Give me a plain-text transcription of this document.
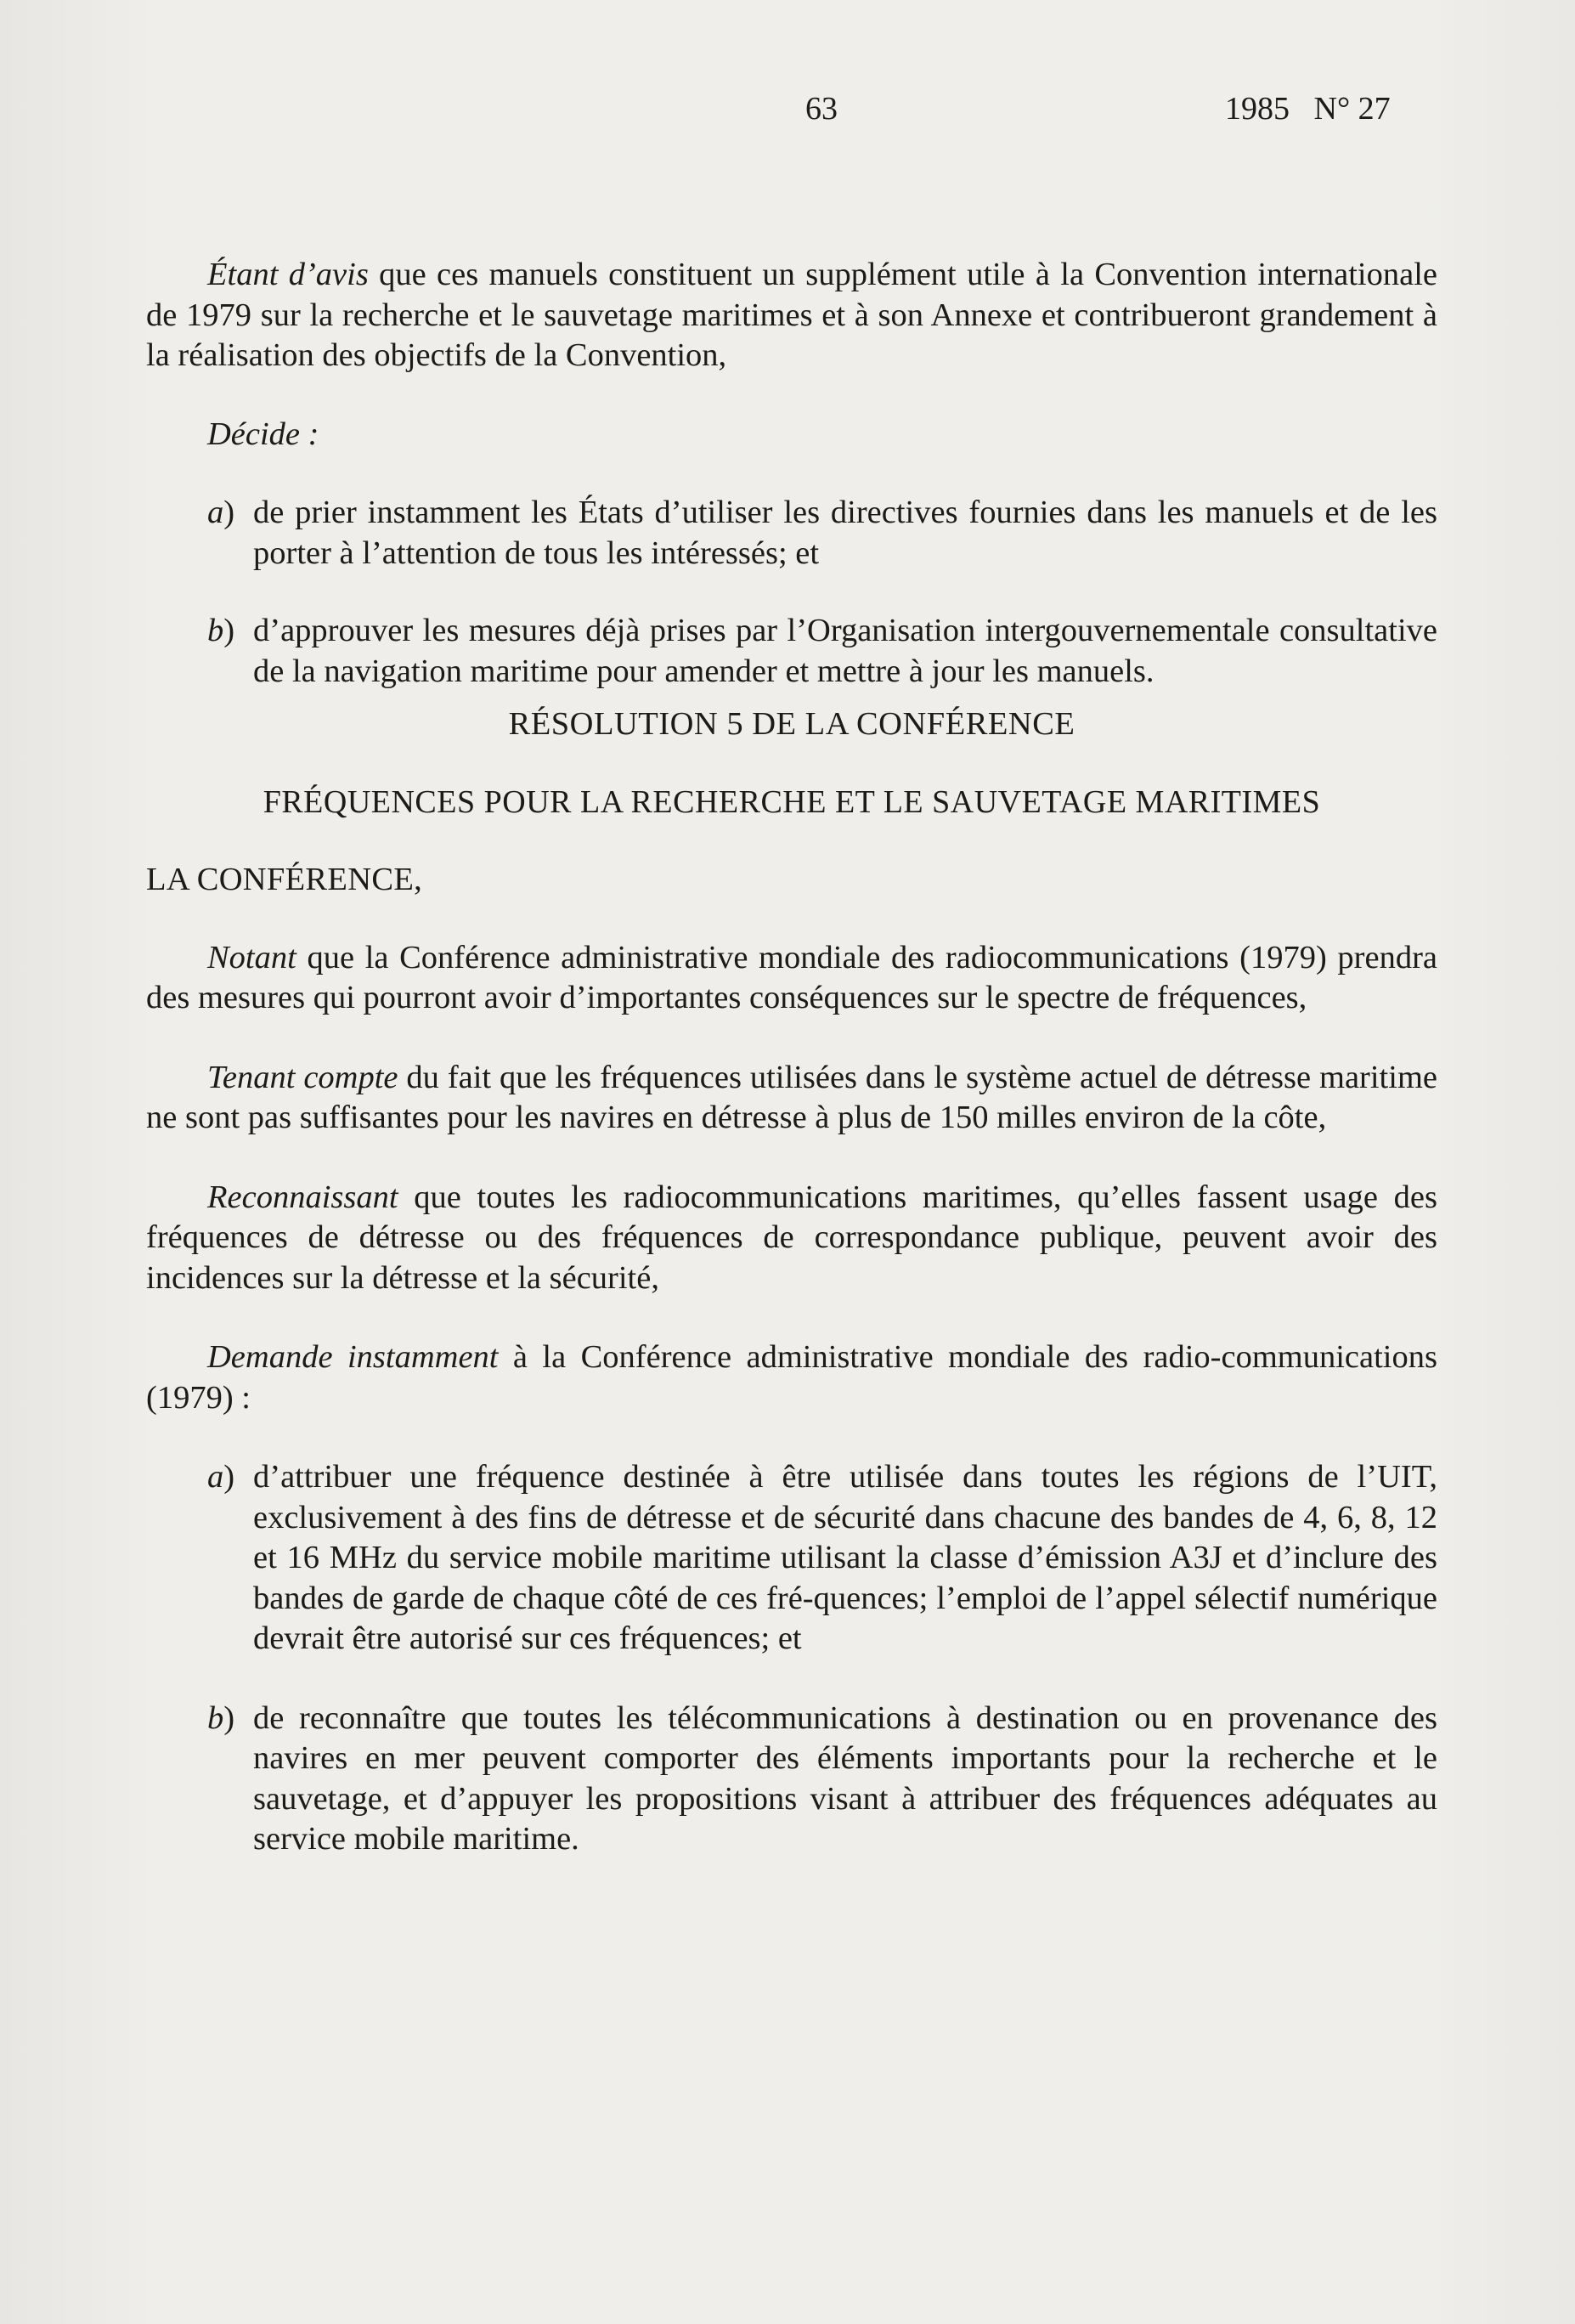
63	1985   N° 27

Étant d’avis que ces manuels constituent un supplément utile à la Convention internationale de 1979 sur la recherche et le sauvetage maritimes et à son Annexe et contribueront grandement à la réalisation des objectifs de la Convention,

Décide :

a) de prier instamment les États d’utiliser les directives fournies dans les manuels et de les porter à l’attention de tous les intéressés; et
b) d’approuver les mesures déjà prises par l’Organisation intergouvernementale consultative de la navigation maritime pour amender et mettre à jour les manuels.

RÉSOLUTION 5 DE LA CONFÉRENCE

FRÉQUENCES POUR LA RECHERCHE ET LE SAUVETAGE MARITIMES

LA CONFÉRENCE,

Notant que la Conférence administrative mondiale des radiocommunications (1979) prendra des mesures qui pourront avoir d’importantes conséquences sur le spectre de fréquences,

Tenant compte du fait que les fréquences utilisées dans le système actuel de détresse maritime ne sont pas suffisantes pour les navires en détresse à plus de 150 milles environ de la côte,

Reconnaissant que toutes les radiocommunications maritimes, qu’elles fassent usage des fréquences de détresse ou des fréquences de correspondance publique, peuvent avoir des incidences sur la détresse et la sécurité,

Demande instamment à la Conférence administrative mondiale des radio-communications (1979) :

a) d’attribuer une fréquence destinée à être utilisée dans toutes les régions de l’UIT, exclusivement à des fins de détresse et de sécurité dans chacune des bandes de 4, 6, 8, 12 et 16 MHz du service mobile maritime utilisant la classe d’émission A3J et d’inclure des bandes de garde de chaque côté de ces fré-quences; l’emploi de l’appel sélectif numérique devrait être autorisé sur ces fréquences; et
b) de reconnaître que toutes les télécommunications à destination ou en provenance des navires en mer peuvent comporter des éléments importants pour la recherche et le sauvetage, et d’appuyer les propositions visant à attribuer des fréquences adéquates au service mobile maritime.
